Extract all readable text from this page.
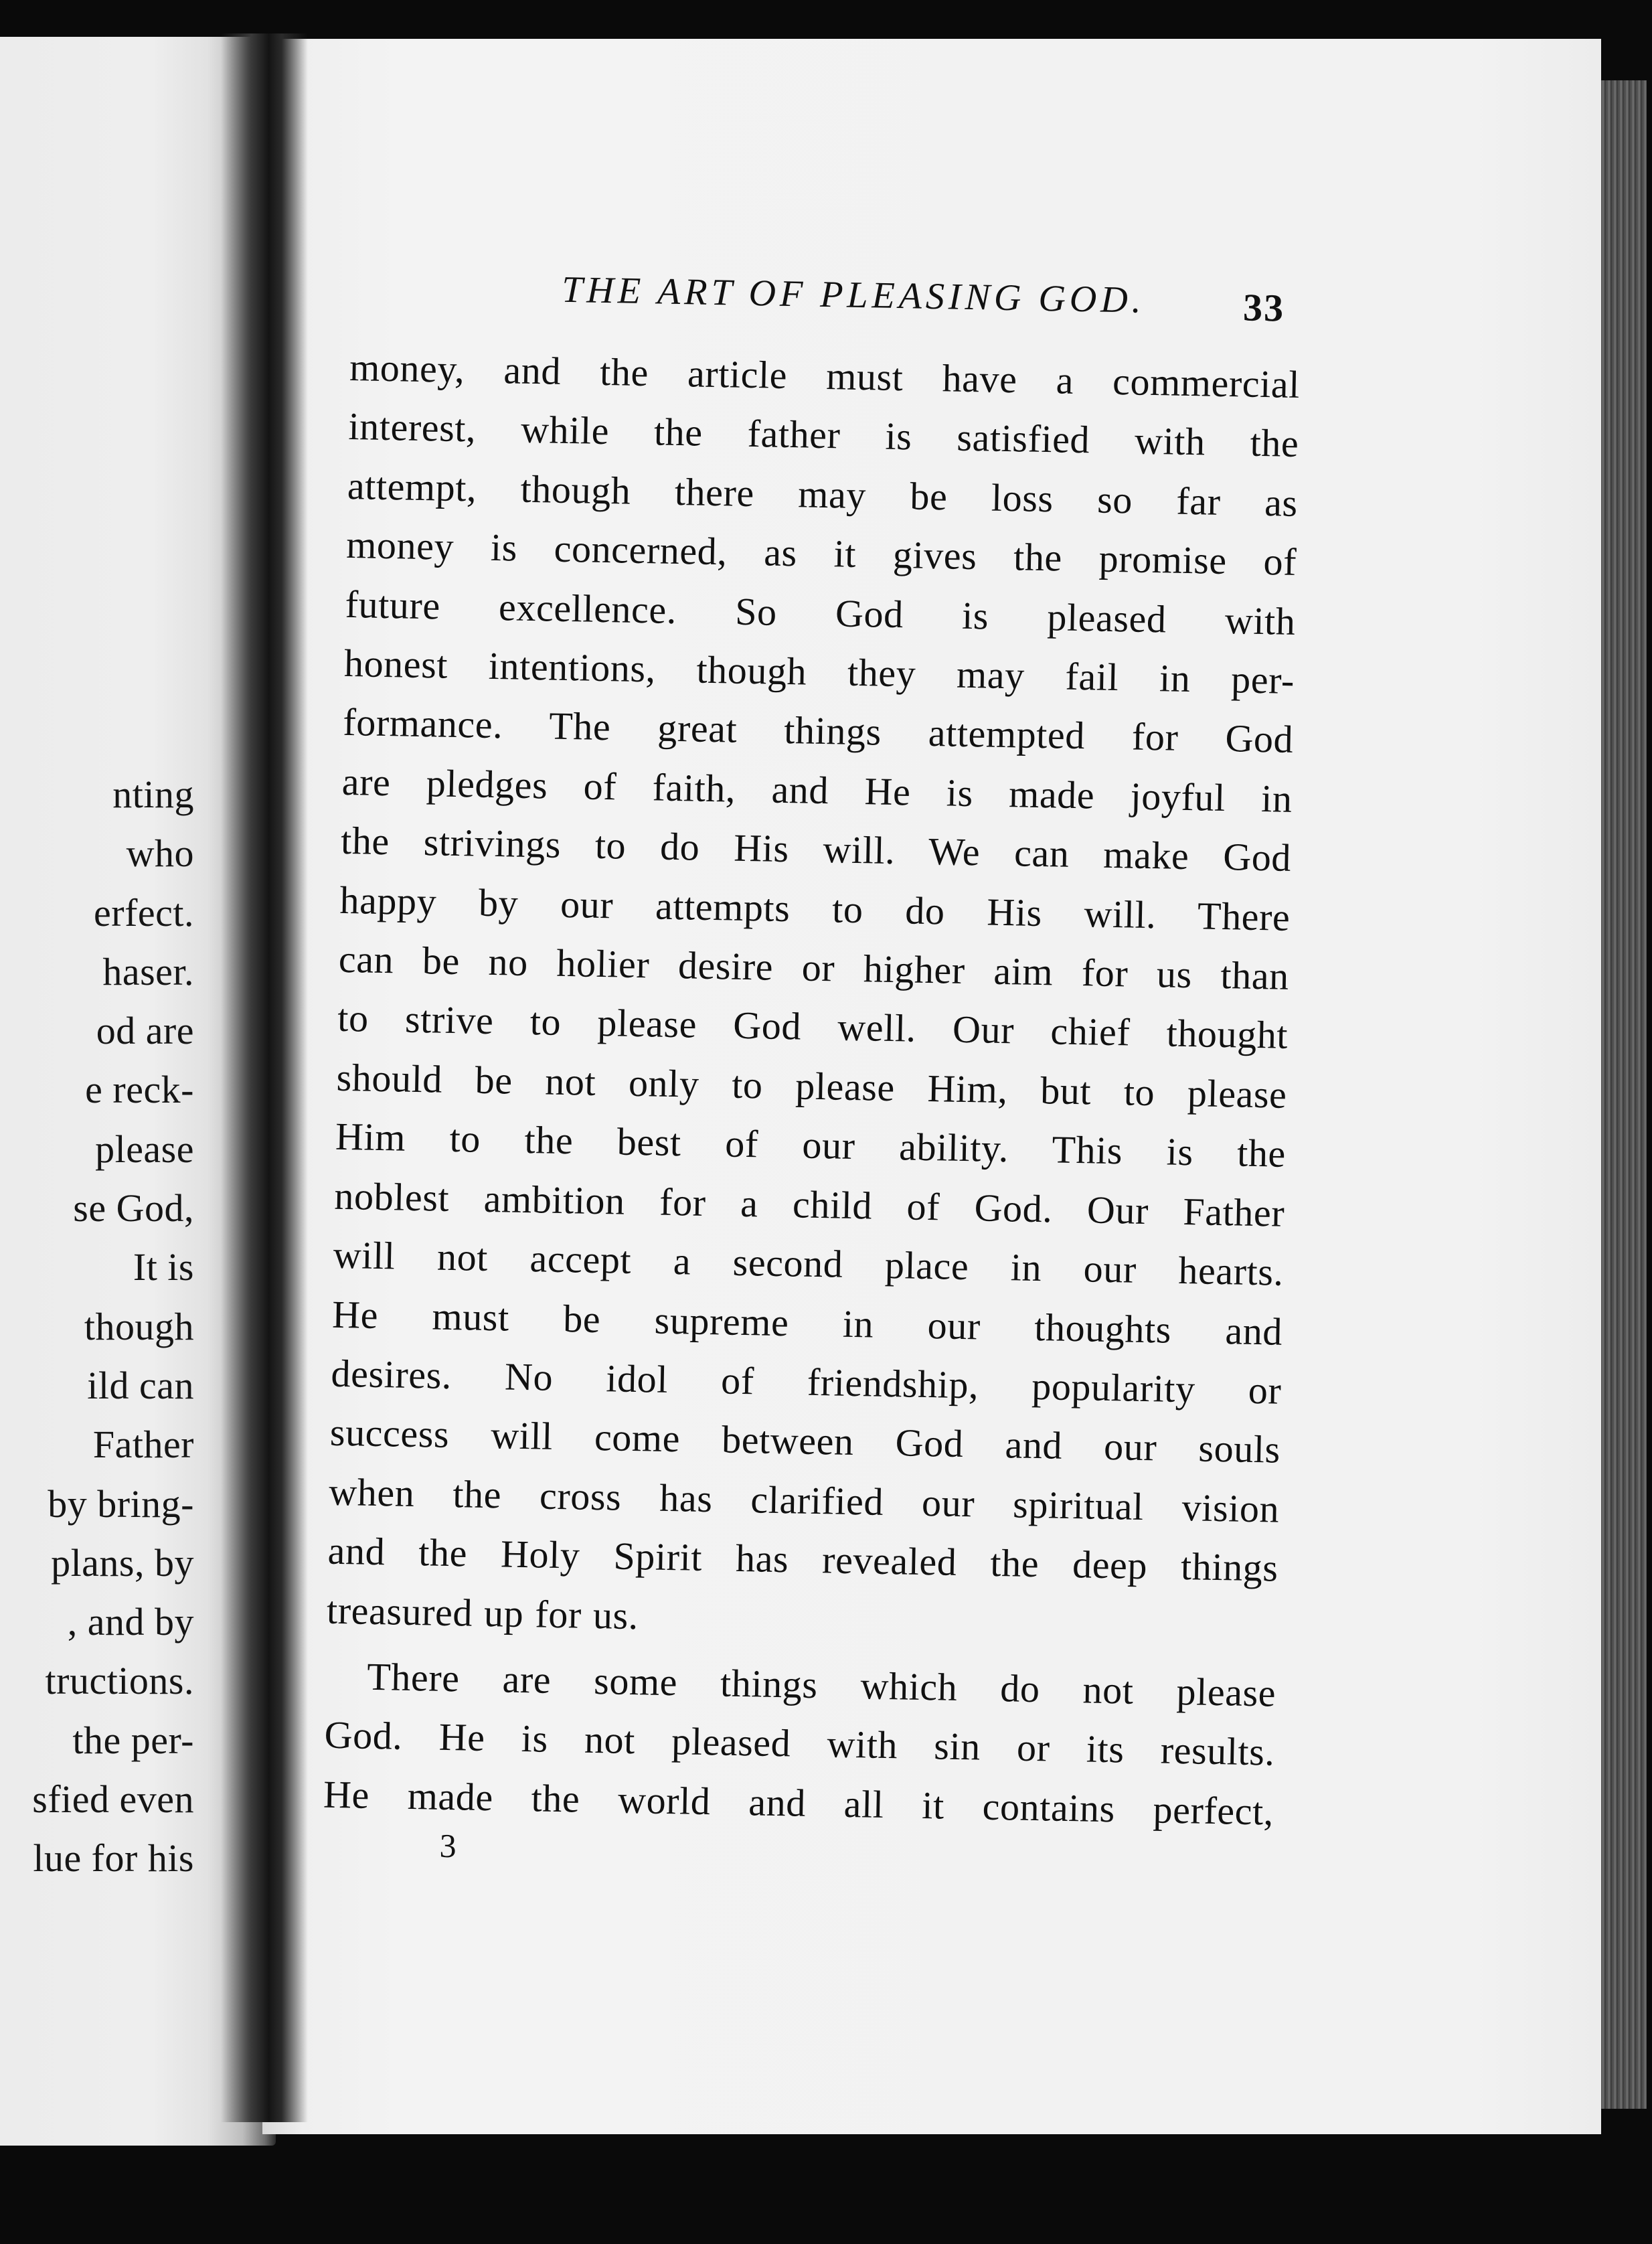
nting
who
erfect.
haser.
od are
e reck-
please
se God,
It is
though
ild can
Father
by bring-
plans, by
, and by
tructions.
the per-
sfied even
lue for his
THE ART OF PLEASING GOD.	33
money, and the article must have a commercial
interest, while the father is satisfied with the
attempt, though there may be loss so far as
money is concerned, as it gives the promise of
future excellence. So God is pleased with
honest intentions, though they may fail in per-
formance. The great things attempted for God
are pledges of faith, and He is made joyful in
the strivings to do His will. We can make God
happy by our attempts to do His will. There
can be no holier desire or higher aim for us than
to strive to please God well. Our chief thought
should be not only to please Him, but to please
Him to the best of our ability. This is the
noblest ambition for a child of God. Our Father
will not accept a second place in our hearts.
He must be supreme in our thoughts and
desires. No idol of friendship, popularity or
success will come between God and our souls
when the cross has clarified our spiritual vision
and the Holy Spirit has revealed the deep things
treasured up for us.
There are some things which do not please
God. He is not pleased with sin or its results.
He made the world and all it contains perfect,
3
